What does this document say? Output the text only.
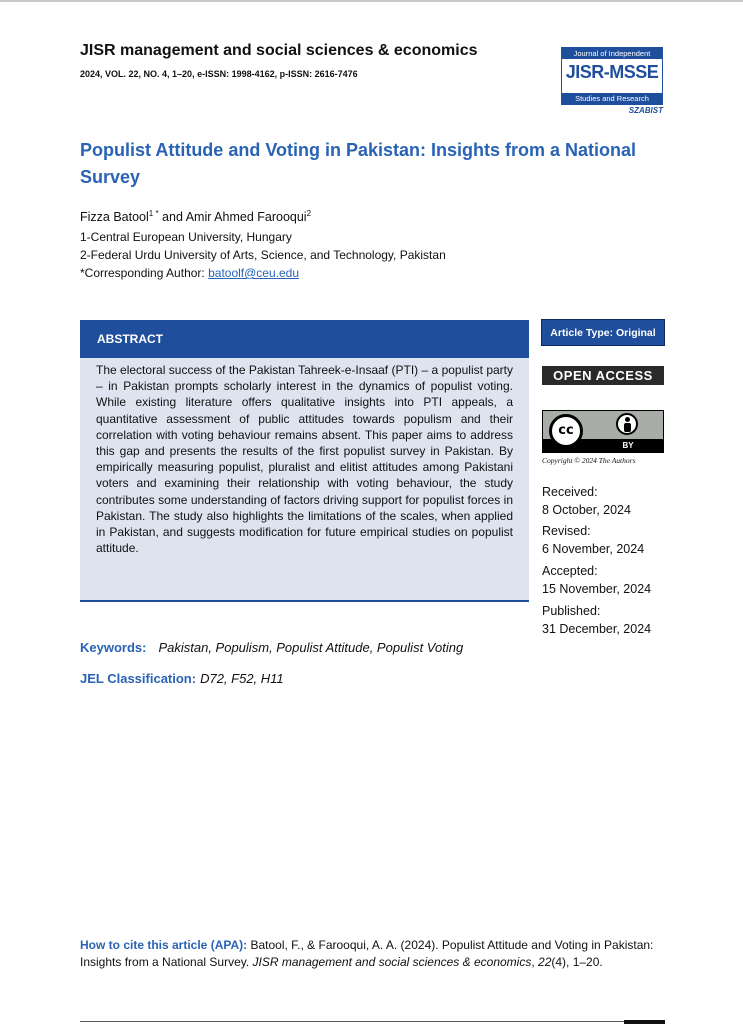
JISR management and social sciences & economics
2024, VOL. 22, NO. 4, 1–20, e-ISSN: 1998-4162, p-ISSN: 2616-7476
Journal of Independent
JISR-MSSE
Studies and Research
SZABIST
Populist Attitude and Voting in Pakistan: Insights from a National Survey
Fizza Batool$^{1 *}$ and Amir Ahmed Farooqui$^2$
1-Central European University, Hungary
2-Federal Urdu University of Arts, Science, and Technology, Pakistan
*Corresponding Author: batoolf@ceu.edu
ABSTRACT
The electoral success of the Pakistan Tahreek-e-Insaaf (PTI) – a populist party – in Pakistan prompts scholarly interest in the dynamics of populist voting. While existing literature offers qualitative insights into PTI appeals, a quantitative assessment of public attitudes towards populism and their correlation with voting behaviour remains absent. This paper aims to address this gap and presents the results of the first populist survey in Pakistan. By empirically measuring populist, pluralist and elitist attitudes among Pakistani voters and examining their relationship with voting behaviour, the study contributes some understanding of factors driving support for populist forces in Pakistan. The study also highlights the limitations of the scales, when applied in Pakistan, and suggests modification for future empirical studies on populist attitude.
Article Type: Original
OPEN ACCESS
cc
BY
Copyright © 2024 The Authors
Received:
8 October, 2024
Revised:
6 November, 2024
Accepted:
15 November, 2024
Published:
31 December, 2024
Keywords: Pakistan, Populism, Populist Attitude, Populist Voting
JEL Classification: D72, F52, H11
How to cite this article (APA): Batool, F., & Farooqui, A. A. (2024). Populist Attitude and Voting in Pakistan: Insights from a National Survey. JISR management and social sciences & economics, 22(4), 1–20.
